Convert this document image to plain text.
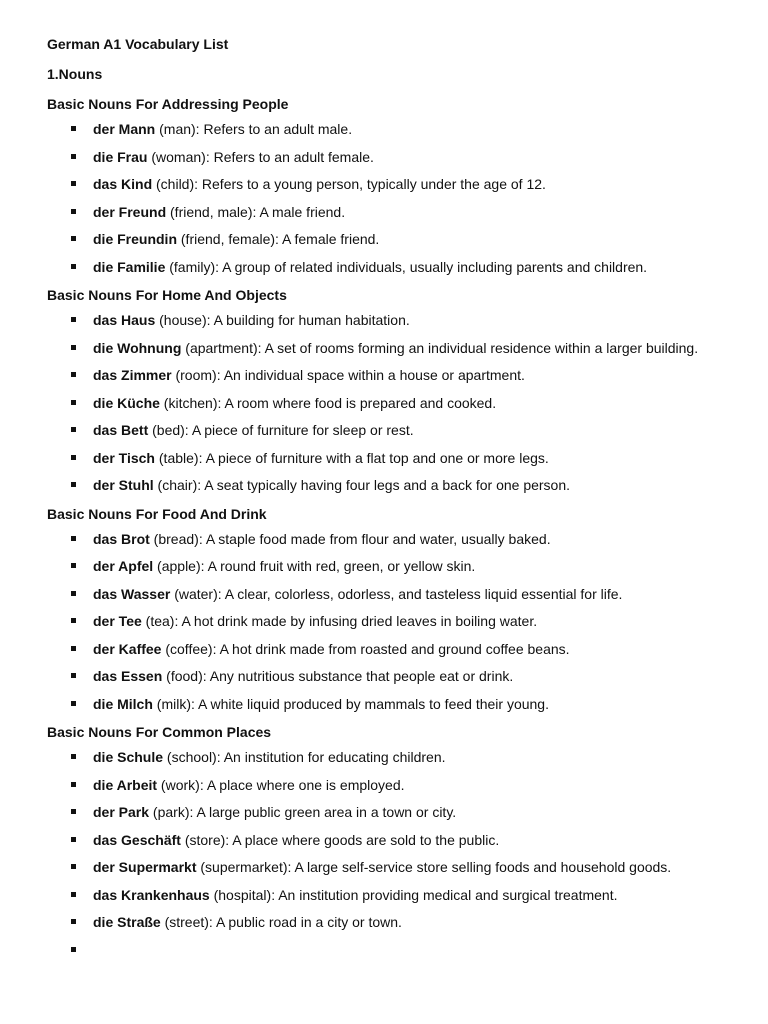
German A1 Vocabulary List

1.Nouns

Basic Nouns For Addressing People

der Mann (man): Refers to an adult male.
die Frau (woman): Refers to an adult female.
das Kind (child): Refers to a young person, typically under the age of 12.
der Freund (friend, male): A male friend.
die Freundin (friend, female): A female friend.
die Familie (family): A group of related individuals, usually including parents and children.

Basic Nouns For Home And Objects

das Haus (house): A building for human habitation.
die Wohnung (apartment): A set of rooms forming an individual residence within a larger building.
das Zimmer (room): An individual space within a house or apartment.
die Küche (kitchen): A room where food is prepared and cooked.
das Bett (bed): A piece of furniture for sleep or rest.
der Tisch (table): A piece of furniture with a flat top and one or more legs.
der Stuhl (chair): A seat typically having four legs and a back for one person.

Basic Nouns For Food And Drink

das Brot (bread): A staple food made from flour and water, usually baked.
der Apfel (apple): A round fruit with red, green, or yellow skin.
das Wasser (water): A clear, colorless, odorless, and tasteless liquid essential for life.
der Tee (tea): A hot drink made by infusing dried leaves in boiling water.
der Kaffee (coffee): A hot drink made from roasted and ground coffee beans.
das Essen (food): Any nutritious substance that people eat or drink.
die Milch (milk): A white liquid produced by mammals to feed their young.

Basic Nouns For Common Places

die Schule (school): An institution for educating children.
die Arbeit (work): A place where one is employed.
der Park (park): A large public green area in a town or city.
das Geschäft (store): A place where goods are sold to the public.
der Supermarkt (supermarket): A large self-service store selling foods and household goods.
das Krankenhaus (hospital): An institution providing medical and surgical treatment.
die Straße (street): A public road in a city or town.
